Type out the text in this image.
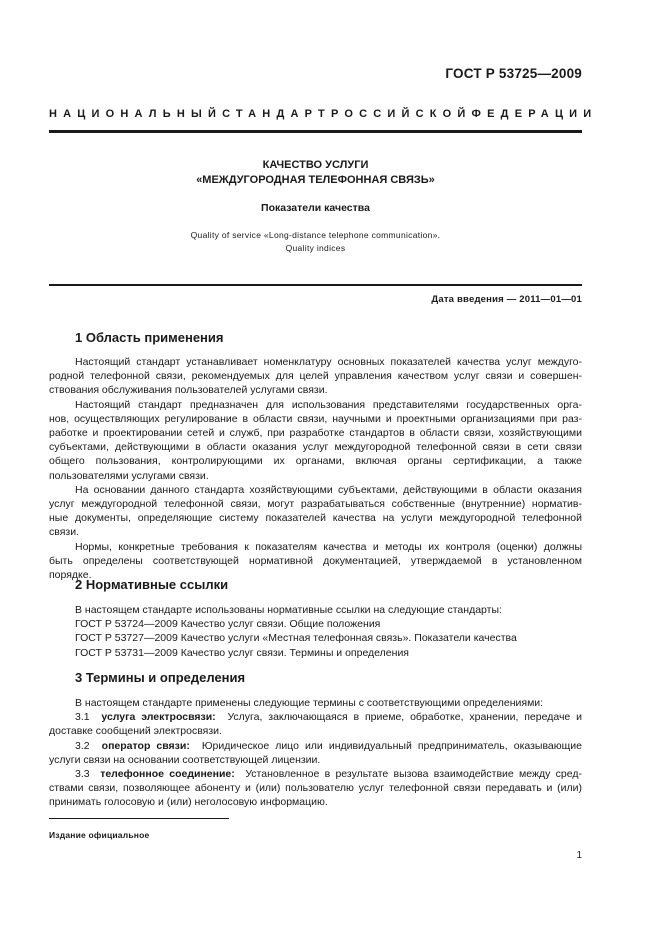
ГОСТ Р 53725—2009
НАЦИОНАЛЬНЫЙ СТАНДАРТ РОССИЙСКОЙ ФЕДЕРАЦИИ
КАЧЕСТВО УСЛУГИ
«МЕЖДУГОРОДНАЯ ТЕЛЕФОННАЯ СВЯЗЬ»
Показатели качества
Quality of service «Long-distance telephone communication».
Quality indices
Дата введения — 2011—01—01
1 Область применения
Настоящий стандарт устанавливает номенклатуру основных показателей качества услуг междуго-
родной телефонной связи, рекомендуемых для целей управления качеством услуг связи и совершен-
ствования обслуживания пользователей услугами связи.
Настоящий стандарт предназначен для использования представителями государственных орга-
нов, осуществляющих регулирование в области связи, научными и проектными организациями при раз-
работке и проектировании сетей и служб, при разработке стандартов в области связи, хозяйствующими
субъектами, действующими в области оказания услуг междугородной телефонной связи в сети связи
общего пользования, контролирующими их органами, включая органы сертификации, а также
пользователями услугами связи.
На основании данного стандарта хозяйствующими субъектами, действующими в области оказания
услуг междугородной телефонной связи, могут разрабатываться собственные (внутренние) норматив-
ные документы, определяющие систему показателей качества на услуги междугородной телефонной
связи.
Нормы, конкретные требования к показателям качества и методы их контроля (оценки) должны
быть определены соответствующей нормативной документацией, утверждаемой в установленном
порядке.
2 Нормативные ссылки
В настоящем стандарте использованы нормативные ссылки на следующие стандарты:
ГОСТ Р 53724—2009 Качество услуг связи. Общие положения
ГОСТ Р 53727—2009 Качество услуги «Местная телефонная связь». Показатели качества
ГОСТ Р 53731—2009 Качество услуг связи. Термины и определения
3 Термины и определения
В настоящем стандарте применены следующие термины с соответствующими определениями:
3.1 услуга электросвязи: Услуга, заключающаяся в приеме, обработке, хранении, передаче и
доставке сообщений электросвязи.
3.2 оператор связи: Юридическое лицо или индивидуальный предприниматель, оказывающие
услуги связи на основании соответствующей лицензии.
3.3 телефонное соединение: Установленное в результате вызова взаимодействие между сред-
ствами связи, позволяющее абоненту и (или) пользователю услуг телефонной связи передавать и (или)
принимать голосовую и (или) неголосовую информацию.
Издание официальное
1
